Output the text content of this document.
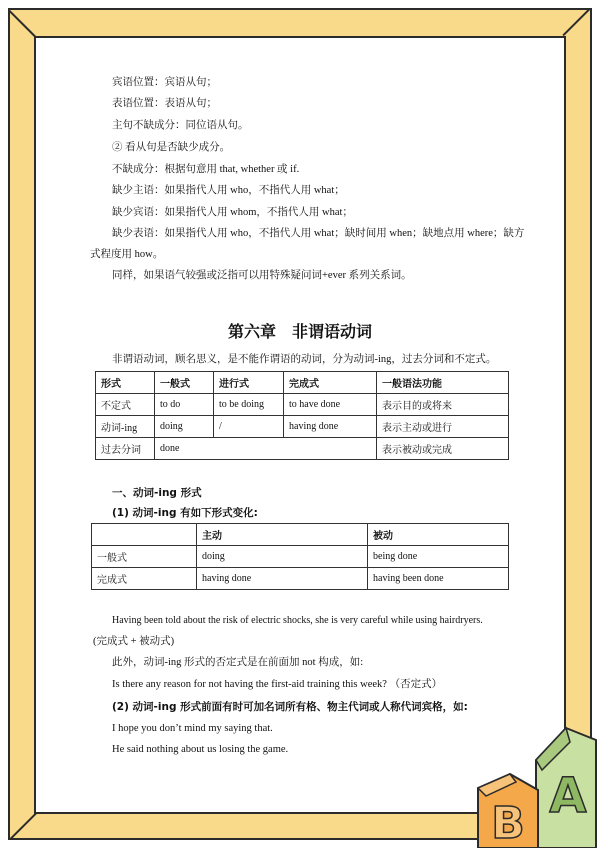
宾语位置：宾语从句；
表语位置：表语从句；
主句不缺成分：同位语从句。
② 看从句是否缺少成分。
不缺成分：根据句意用 that, whether 或 if.
缺少主语：如果指代人用 who，不指代人用 what；
缺少宾语：如果指代人用 whom，不指代人用 what；
缺少表语：如果指代人用 who，不指代人用 what；缺时间用 when；缺地点用 where；缺方
式程度用 how。
同样，如果语气较强或泛指可以用特殊疑问词+ever 系列关系词。
第六章　非谓语动词
非谓语动词，顾名思义，是不能作谓语的动词，分为动词-ing，过去分词和不定式。
形式	一般式	进行式	完成式	一般语法功能
不定式	to do	to be doing	to have done	表示目的或将来
动词-ing	doing	/	having done	表示主动或进行
过去分词	done			表示被动或完成
一、动词-ing 形式
(1) 动词-ing 有如下形式变化:
	主动	被动
一般式	doing	being done
完成式	having done	having been done
Having been told about the risk of electric shocks, she is very careful while using hairdryers.
(完成式 + 被动式)
此外，动词-ing 形式的否定式是在前面加 not 构成，如:
Is there any reason for not having the first-aid training this week? （否定式）
(2) 动词-ing 形式前面有时可加名词所有格、物主代词或人称代词宾格，如:
I hope you don’t mind my saying that.
He said nothing about us losing the game.
A
B
